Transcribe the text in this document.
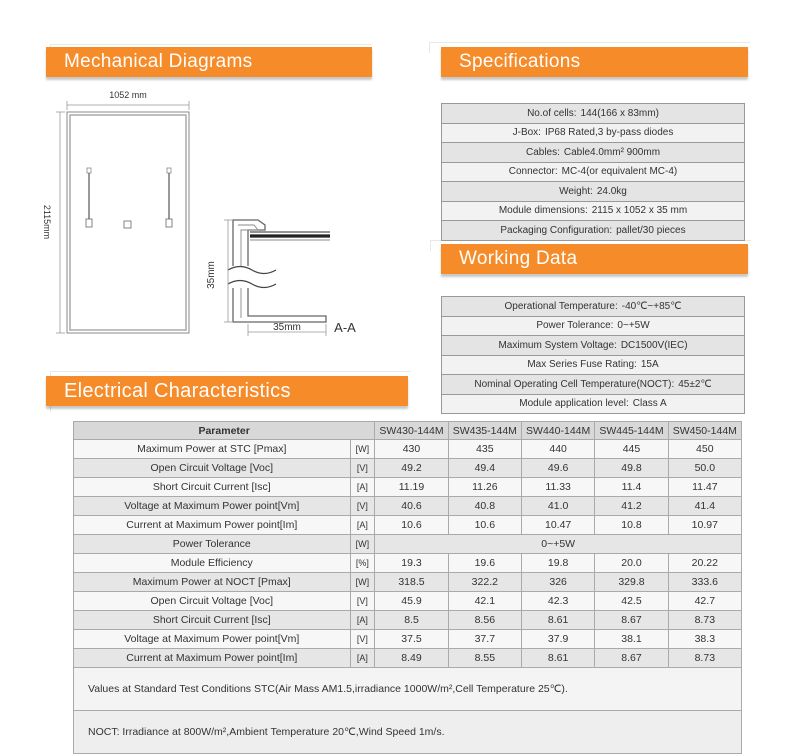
Mechanical Diagrams	Specifications
Working Data
Electrical Characteristics
1052 mm
2115mm
35mm
35mm	A-A
No.of cells: 144(166 x 83mm)
J-Box: IP68 Rated,3 by-pass diodes
Cables: Cable4.0mm² 900mm
Connector: MC-4(or equivalent MC-4)
Weight: 24.0kg
Module dimensions: 2115 x 1052 x 35 mm
Packaging Configuration: pallet/30 pieces
Operational Temperature: -40℃~+85℃
Power Tolerance: 0~+5W
Maximum System Voltage: DC1500V(IEC)
Max Series Fuse Rating: 15A
Nominal Operating Cell Temperature(NOCT): 45±2℃
Module application level: Class A
Parameter		SW430-144M	SW435-144M	SW440-144M	SW445-144M	SW450-144M
Maximum Power at STC [Pmax]	[W]	430	435	440	445	450
Open Circuit Voltage [Voc]	[V]	49.2	49.4	49.6	49.8	50.0
Short Circuit Current [Isc]	[A]	11.19	11.26	11.33	11.4	11.47
Voltage at Maximum Power point[Vm]	[V]	40.6	40.8	41.0	41.2	41.4
Current at Maximum Power point[Im]	[A]	10.6	10.6	10.47	10.8	10.97
Power Tolerance	[W]	0~+5W				
Module Efficiency	[%]	19.3	19.6	19.8	20.0	20.22
Maximum Power at NOCT [Pmax]	[W]	318.5	322.2	326	329.8	333.6
Open Circuit Voltage [Voc]	[V]	45.9	42.1	42.3	42.5	42.7
Short Circuit Current [Isc]	[A]	8.5	8.56	8.61	8.67	8.73
Voltage at Maximum Power point[Vm]	[V]	37.5	37.7	37.9	38.1	38.3
Current at Maximum Power point[Im]	[A]	8.49	8.55	8.61	8.67	8.73
Values at Standard Test Conditions STC(Air Mass AM1.5,irradiance 1000W/m²,Cell Temperature 25℃).						
NOCT: Irradiance at 800W/m²,Ambient Temperature 20℃,Wind Speed 1m/s.						
